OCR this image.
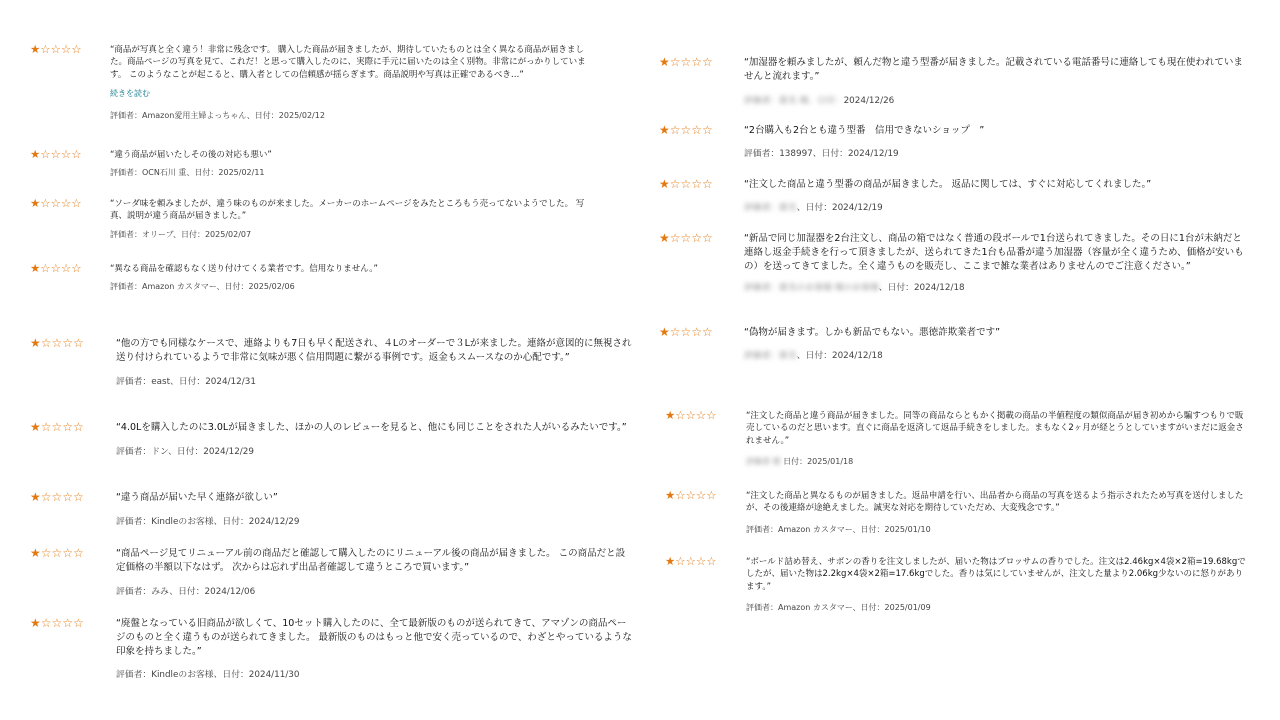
★☆☆☆☆	“商品が写真と全く違う！非常に残念です。 購入した商品が届きましたが、期待していたものとは全く異なる商品が届きました。商品ページの写真を見て、これだ！と思って購入したのに、実際に手元に届いたのは全く別物。非常にがっかりしています。 このようなことが起こると、購入者としての信頼感が揺らぎます。商品説明や写真は正確であるべき…”

続きを読む
評価者：Amazon愛用主婦よっちゃん、日付：2025/02/12
★☆☆☆☆	“違う商品が届いたしその後の対応も悪い”

評価者：OCN石川 重、日付：2025/02/11
★☆☆☆☆	“ソーダ味を頼みましたが、違う味のものが来ました。メーカーのホームページをみたところもう売ってないようでした。 写真、説明が違う商品が届きました。”

評価者：オリーブ、日付：2025/02/07
★☆☆☆☆	“異なる商品を確認もなく送り付けてくる業者です。信用なりません。”

評価者：Amazon カスタマー、日付：2025/02/06
★☆☆☆☆	“他の方でも同様なケースで、連絡よりも7日も早く配送され、４Lのオーダーで３Lが来ました。連絡が意図的に無視され送り付けられているようで非常に気味が悪く信用問題に繋がる事例です。返金もスムースなのか心配です。”

評価者：east、日付：2024/12/31
★☆☆☆☆	“4.0Lを購入したのに3.0Lが届きました、ほかの人のレビューを見ると、他にも同じことをされた人がいるみたいです。”

評価者：ドン、日付：2024/12/29
★☆☆☆☆	“違う商品が届いた早く連絡が欲しい”

評価者：Kindleのお客様、日付：2024/12/29
★☆☆☆☆	“商品ページ見てリニューアル前の商品だと確認して購入したのにリニューアル後の商品が届きました。 この商品だと設定価格の半額以下なはず。 次からは忘れず出品者確認して違うところで買います。”

評価者：みみ、日付：2024/12/06
★☆☆☆☆	“廃盤となっている旧商品が欲しくて、10セット購入したのに、全て最新版のものが送られてきて、アマゾンの商品ページのものと全く違うものが送られてきました。 最新版のものはもっと他で安く売っているので、わざとやっているような印象を持ちました。”

評価者：Kindleのお客様、日付：2024/11/30
★☆☆☆☆	“加湿器を頼みましたが、頼んだ物と違う型番が届きました。記載されている電話番号に連絡しても現在使われていませんと流れます。”

評価者：匿名 様、日付：2024/12/26
★☆☆☆☆	“2台購入も2台とも違う型番　信用できないショップ　”

評価者：138997、日付：2024/12/19
★☆☆☆☆	“注文した商品と違う型番の商品が届きました。 返品に関しては、すぐに対応してくれました。”

評価者：匿名、日付：2024/12/19
★☆☆☆☆	“新品で同じ加湿器を2台注文し、商品の箱ではなく普通の段ボールで1台送られてきました。その日に1台が未納だと連絡し返金手続きを行って頂きましたが、送られてきた1台も品番が違う加湿器（容量が全く違うため、価格が安いもの）を送ってきてました。全く違うものを販売し、ここまで雑な業者はありませんのでご注意ください。”

評価者：匿名のお客様 様のお客様、日付：2024/12/18
★☆☆☆☆	“偽物が届きます。しかも新品でもない。悪徳詐欺業者です”

評価者：匿名、日付：2024/12/18
★☆☆☆☆	“注文した商品と違う商品が届きました。同等の商品ならともかく掲載の商品の半値程度の類似商品が届き初めから騙すつもりで販売しているのだと思います。直ぐに商品を返済して返品手続きをしました。まもなく2ヶ月が経とうとしていますがいまだに返金されません。”

評価者 様 日付：2025/01/18
★☆☆☆☆	“注文した商品と異なるものが届きました。返品申請を行い、出品者から商品の写真を送るよう指示されたため写真を送付しましたが、その後連絡が途絶えました。誠実な対応を期待していただめ、大変残念です。”

評価者：Amazon カスタマー、日付：2025/01/10
★☆☆☆☆	“ボールド詰め替え、サボンの香りを注文しましたが、届いた物はブロッサムの香りでした。注文は2.46kg×4袋×2箱=19.68kgでしたが、届いた物は2.2kg×4袋×2箱=17.6kgでした。香りは気にしていませんが、注文した量より2.06kg少ないのに怒りがあります。”

評価者：Amazon カスタマー、日付：2025/01/09
